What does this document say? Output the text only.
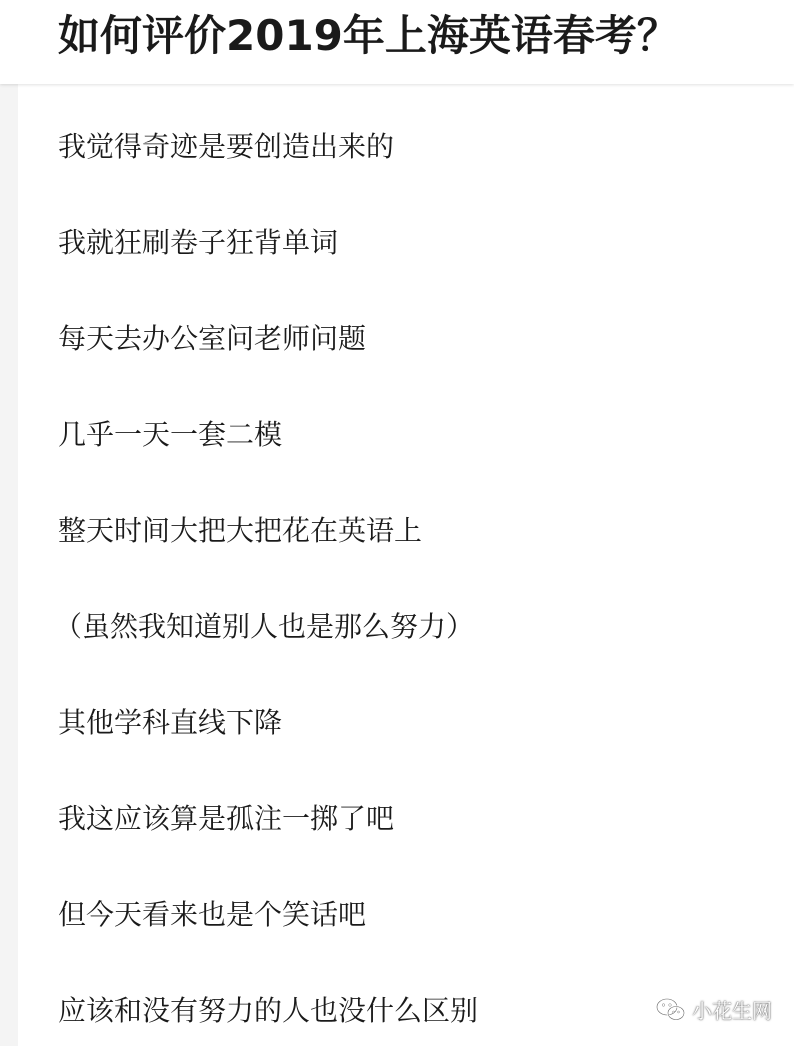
如何评价2019年上海英语春考？

我觉得奇迹是要创造出来的

我就狂刷卷子狂背单词

每天去办公室问老师问题

几乎一天一套二模

整天时间大把大把花在英语上

（虽然我知道别人也是那么努力）

其他学科直线下降

我这应该算是孤注一掷了吧

但今天看来也是个笑话吧

应该和没有努力的人也没什么区别	小花生网
